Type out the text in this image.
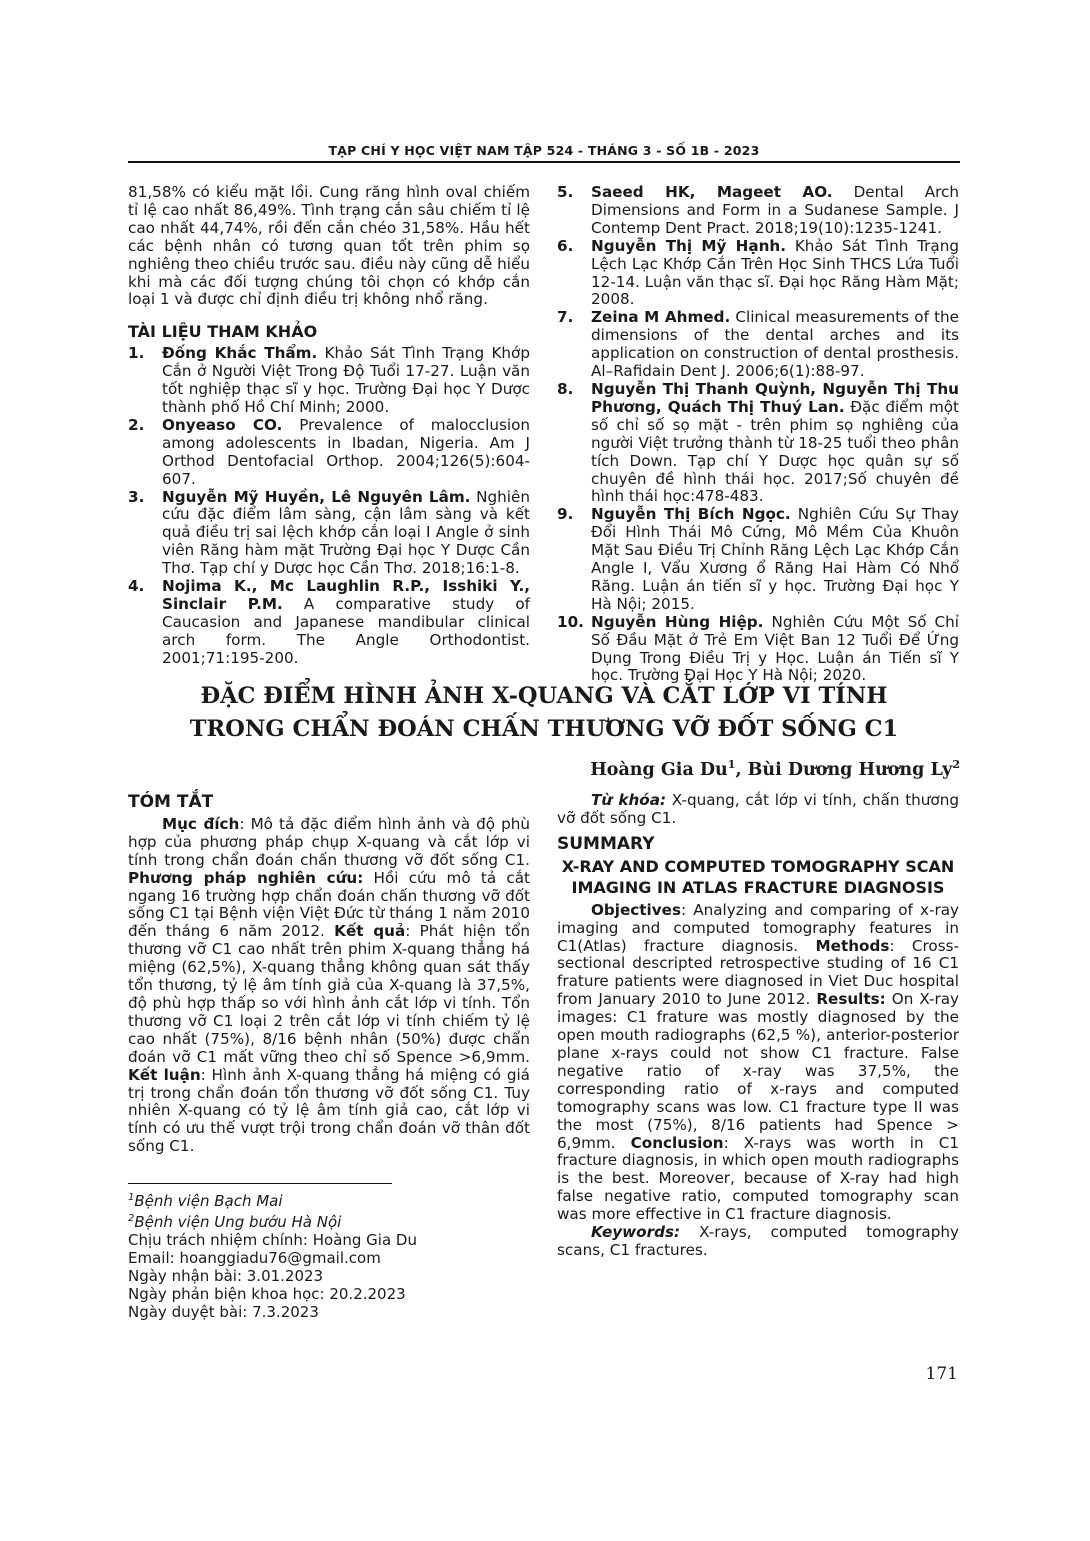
TẠP CHÍ Y HỌC VIỆT NAM TẬP 524 - THÁNG 3 - SỐ 1B - 2023
81,58% có kiểu mặt lồi. Cung răng hình oval chiếm tỉ lệ cao nhất 86,49%. Tình trạng cắn sâu chiếm tỉ lệ cao nhất 44,74%, rồi đến cắn chéo 31,58%. Hầu hết các bệnh nhân có tương quan tốt trên phim sọ nghiêng theo chiều trước sau. điều này cũng dễ hiểu khi mà các đối tượng chúng tôi chọn có khớp cắn loại 1 và được chỉ định điều trị không nhổ răng.
TÀI LIỆU THAM KHẢO
1.	Đống Khắc Thẩm. Khảo Sát Tình Trạng Khớp Cắn ở Người Việt Trong Độ Tuổi 17-27. Luận văn tốt nghiệp thạc sĩ y học. Trường Đại học Y Dược thành phố Hồ Chí Minh; 2000.
2.	Onyeaso CO. Prevalence of malocclusion among adolescents in Ibadan, Nigeria. Am J Orthod Dentofacial Orthop. 2004;126(5):604-607.
3.	Nguyễn Mỹ Huyền, Lê Nguyên Lâm. Nghiên cứu đặc điểm lâm sàng, cận lâm sàng và kết quả điều trị sai lệch khớp cắn loại I Angle ở sinh viên Răng hàm mặt Trường Đại học Y Dược Cần Thơ. Tạp chí y Dược học Cần Thơ. 2018;16:1-8.
4.	Nojima K., Mc Laughlin R.P., Isshiki Y., Sinclair P.M. A comparative study of Caucasion and Japanese mandibular clinical arch form. The Angle Orthodontist. 2001;71:195-200.
5.	Saeed HK, Mageet AO. Dental Arch Dimensions and Form in a Sudanese Sample. J Contemp Dent Pract. 2018;19(10):1235-1241.
6.	Nguyễn Thị Mỹ Hạnh. Khảo Sát Tình Trạng Lệch Lạc Khớp Cắn Trên Học Sinh THCS Lứa Tuổi 12-14. Luận văn thạc sĩ. Đại học Răng Hàm Mặt; 2008.
7.	Zeina M Ahmed. Clinical measurements of the dimensions of the dental arches and its application on construction of dental prosthesis. Al–Rafidain Dent J. 2006;6(1):88-97.
8.	Nguyễn Thị Thanh Quỳnh, Nguyễn Thị Thu Phương, Quách Thị Thuý Lan. Đặc điểm một số chỉ số sọ mặt - trên phim sọ nghiêng của người Việt trưởng thành từ 18-25 tuổi theo phân tích Down. Tạp chí Y Dược học quân sự số chuyên đề hình thái học. 2017;Số chuyên đề hình thái học:478-483.
9.	Nguyễn Thị Bích Ngọc. Nghiên Cứu Sự Thay Đổi Hình Thái Mô Cứng, Mô Mềm Của Khuôn Mặt Sau Điều Trị Chỉnh Răng Lệch Lạc Khớp Cắn Angle I, Vẩu Xương ổ Răng Hai Hàm Có Nhổ Răng. Luận án tiến sĩ y học. Trường Đại học Y Hà Nội; 2015.
10. Nguyễn Hùng Hiệp. Nghiên Cứu Một Số Chỉ Số Đầu Mặt ở Trẻ Em Việt Ban 12 Tuổi Để Ứng Dụng Trong Điều Trị y Học. Luận án Tiến sĩ Y học. Trường Đại Học Y Hà Nội; 2020.
ĐẶC ĐIỂM HÌNH ẢNH X-QUANG VÀ CẮT LỚP VI TÍNH
TRONG CHẨN ĐOÁN CHẤN THƯƠNG VỠ ĐỐT SỐNG C1
Hoàng Gia Du$^1$, Bùi Dương Hương Ly$^2$
TÓM TẮT
Mục đích: Mô tả đặc điểm hình ảnh và độ phù hợp của phương pháp chụp X-quang và cắt lớp vi tính trong chẩn đoán chấn thương vỡ đốt sống C1. Phương pháp nghiên cứu: Hồi cứu mô tả cắt ngang 16 trường hợp chẩn đoán chấn thương vỡ đốt sống C1 tại Bệnh viện Việt Đức từ tháng 1 năm 2010 đến tháng 6 năm 2012. Kết quả: Phát hiện tổn thương vỡ C1 cao nhất trên phim X-quang thẳng há miệng (62,5%), X-quang thẳng không quan sát thấy tổn thương, tỷ lệ âm tính giả của X-quang là 37,5%, độ phù hợp thấp so với hình ảnh cắt lớp vi tính. Tổn thương vỡ C1 loại 2 trên cắt lớp vi tính chiếm tỷ lệ cao nhất (75%), 8/16 bệnh nhân (50%) được chẩn đoán vỡ C1 mất vững theo chỉ số Spence >6,9mm. Kết luận: Hình ảnh X-quang thẳng há miệng có giá trị trong chẩn đoán tổn thương vỡ đốt sống C1. Tuy nhiên X-quang có tỷ lệ âm tính giả cao, cắt lớp vi tính có ưu thế vượt trội trong chẩn đoán vỡ thân đốt sống C1.
Từ khóa: X-quang, cắt lớp vi tính, chấn thương vỡ đốt sống C1.
SUMMARY
X-RAY AND COMPUTED TOMOGRAPHY SCAN IMAGING IN ATLAS FRACTURE DIAGNOSIS
Objectives: Analyzing and comparing of x-ray imaging and computed tomography features in C1(Atlas) fracture diagnosis. Methods: Cross-sectional descripted retrospective studing of 16 C1 frature patients were diagnosed in Viet Duc hospital from January 2010 to June 2012. Results: On X-ray images: C1 frature was mostly diagnosed by the open mouth radiographs (62,5 %), anterior-posterior plane x-rays could not show C1 fracture. False negative ratio of x-ray was 37,5%, the corresponding ratio of x-rays and computed tomography scans was low. C1 fracture type II was the most (75%), 8/16 patients had Spence > 6,9mm. Conclusion: X-rays was worth in C1 fracture diagnosis, in which open mouth radiographs is the best. Moreover, because of X-ray had high false negative ratio, computed tomography scan was more effective in C1 fracture diagnosis.
Keywords: X-rays, computed tomography scans, C1 fractures.
$^1$Bệnh viện Bạch Mai
$^2$Bệnh viện Ung bướu Hà Nội
Chịu trách nhiệm chính: Hoàng Gia Du
Email: hoanggiadu76@gmail.com
Ngày nhận bài: 3.01.2023
Ngày phản biện khoa học: 20.2.2023
Ngày duyệt bài: 7.3.2023
171
